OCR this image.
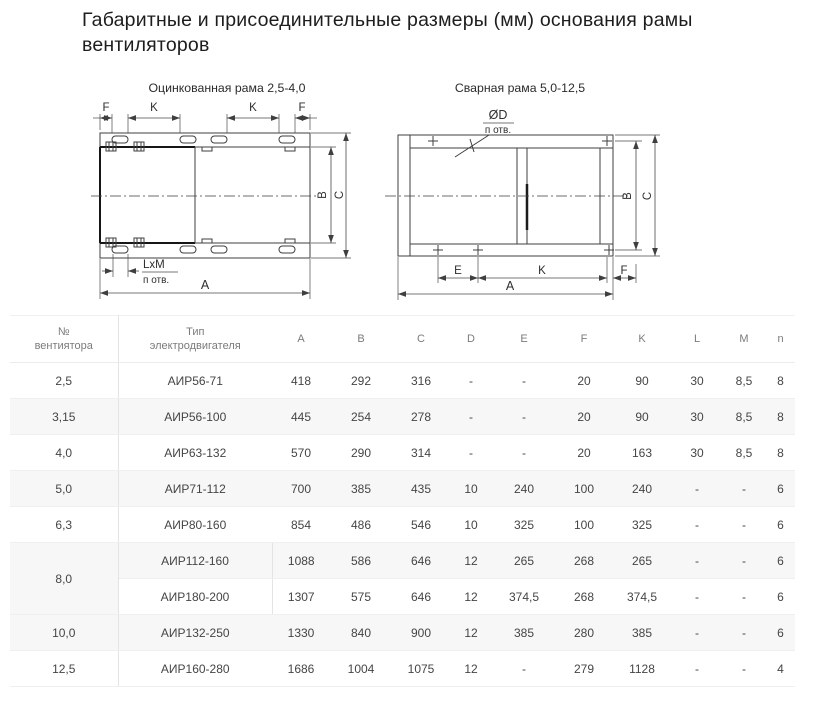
Габаритные и присоединительные размеры (мм) основания рамы
вентиляторов
Оцинкованная рама 2,5-4,0
F	K	K	F
B C
LxM
п отв.	A
Сварная рама 5,0-12,5
ØD
п отв.
B C
E	K	F
A
№
вентиятора

Тип
электродвигателя
	A	B	C	D	E	F	K	L	M	n
2,5	АИР56-71	418	292	316	-	-	20	90	30	8,5	8
3,15	АИР56-100	445	254	278	-	-	20	90	30	8,5	8
4,0	АИР63-132	570	290	314	-	-	20	163	30	8,5	8
5,0	АИР71-112	700	385	435	10	240	100	240	-	-	6
6,3	АИР80-160	854	486	546	10	325	100	325	-	-	6
8,0	АИР112-160	1088	586	646	12	265	268	265	-	-	6
	АИР180-200	1307	575	646	12	374,5	268	374,5	-	-	6
10,0	АИР132-250	1330	840	900	12	385	280	385	-	-	6
12,5	АИР160-280	1686	1004	1075	12	-	279	1128	-	-	4
